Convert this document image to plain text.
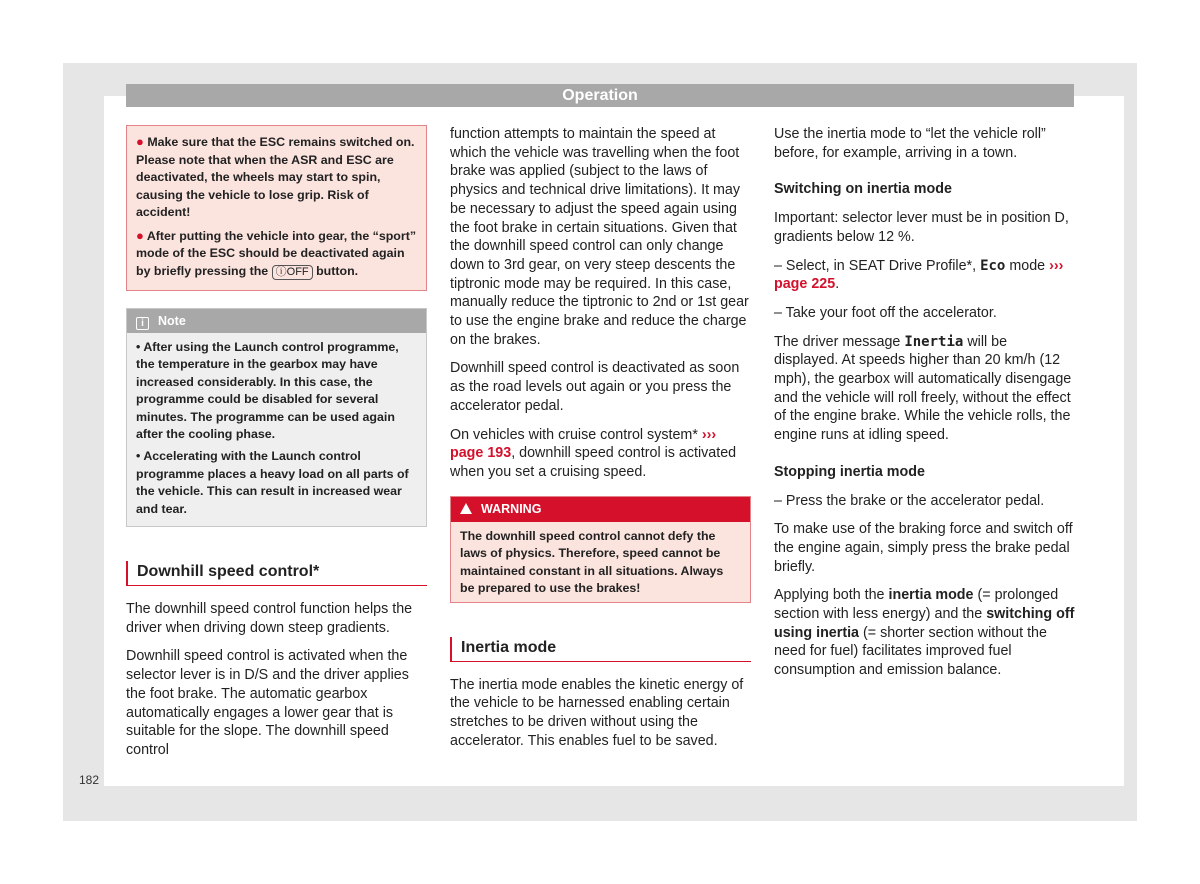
Operation
● Make sure that the ESC remains switched on. Please note that when the ASR and ESC are deactivated, the wheels may start to spin, causing the vehicle to lose grip. Risk of accident!
● After putting the vehicle into gear, the “sport” mode of the ESC should be deactivated again by briefly pressing the ⓘOFF button.
i Note
• After using the Launch control programme, the temperature in the gearbox may have increased considerably. In this case, the programme could be disabled for several minutes. The programme can be used again after the cooling phase.
• Accelerating with the Launch control programme places a heavy load on all parts of the vehicle. This can result in increased wear and tear.
Downhill speed control*

The downhill speed control function helps the driver when driving down steep gradients.

Downhill speed control is activated when the selector lever is in D/S and the driver applies the foot brake. The automatic gearbox automatically engages a lower gear that is suitable for the slope. The downhill speed control

function attempts to maintain the speed at which the vehicle was travelling when the foot brake was applied (subject to the laws of physics and technical drive limitations). It may be necessary to adjust the speed again using the foot brake in certain situations. Given that the downhill speed control can only change down to 3rd gear, on very steep descents the tiptronic mode may be required. In this case, manually reduce the tiptronic to 2nd or 1st gear to use the engine brake and reduce the charge on the brakes.

Downhill speed control is deactivated as soon as the road levels out again or you press the accelerator pedal.

On vehicles with cruise control system* ››› page 193, downhill speed control is activated when you set a cruising speed.

WARNING
The downhill speed control cannot defy the laws of physics. Therefore, speed cannot be maintained constant in all situations. Always be prepared to use the brakes!
Inertia mode

The inertia mode enables the kinetic energy of the vehicle to be harnessed enabling certain stretches to be driven without using the accelerator. This enables fuel to be saved.

Use the inertia mode to “let the vehicle roll” before, for example, arriving in a town.

Switching on inertia mode

Important: selector lever must be in position D, gradients below 12 %.

– Select, in SEAT Drive Profile*, Eco mode ››› page 225.

– Take your foot off the accelerator.

The driver message Inertia will be displayed. At speeds higher than 20 km/h (12 mph), the gearbox will automatically disengage and the vehicle will roll freely, without the effect of the engine brake. While the vehicle rolls, the engine runs at idling speed.

Stopping inertia mode

– Press the brake or the accelerator pedal.

To make use of the braking force and switch off the engine again, simply press the brake pedal briefly.

Applying both the inertia mode (= prolonged section with less energy) and the switching off using inertia (= shorter section without the need for fuel) facilitates improved fuel consumption and emission balance.

182
